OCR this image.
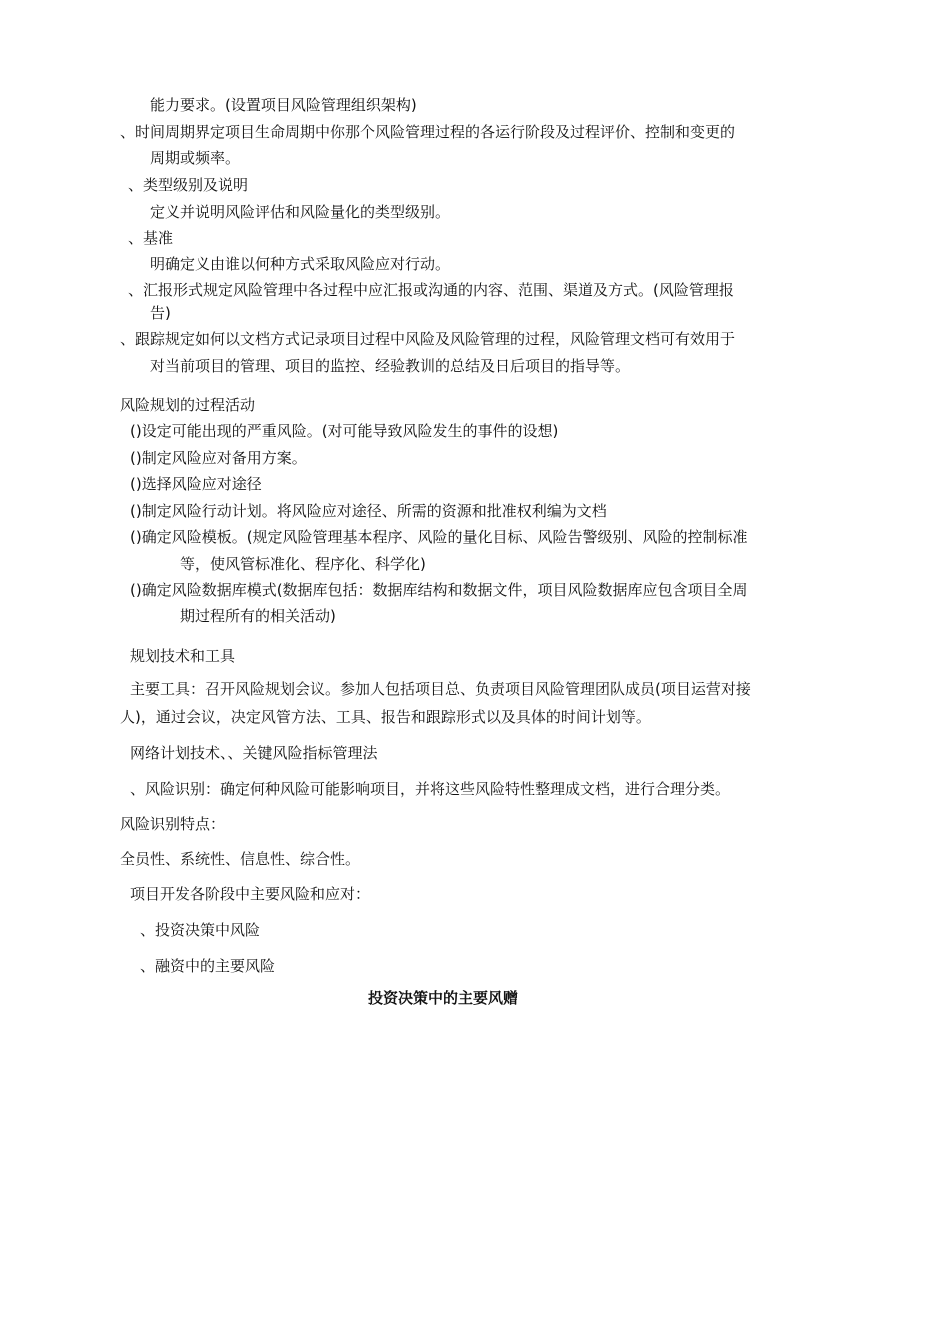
能力要求。(设置项目风险管理组织架构)
、时间周期界定项目生命周期中你那个风险管理过程的各运行阶段及过程评价、控制和变更的
周期或频率。
、类型级别及说明
定义并说明风险评估和风险量化的类型级别。
、基准
明确定义由谁以何种方式采取风险应对行动。
、汇报形式规定风险管理中各过程中应汇报或沟通的内容、范围、渠道及方式。(风险管理报
告)
、跟踪规定如何以文档方式记录项目过程中风险及风险管理的过程，风险管理文档可有效用于
对当前项目的管理、项目的监控、经验教训的总结及日后项目的指导等。
风险规划的过程活动
()设定可能出现的严重风险。(对可能导致风险发生的事件的设想)
()制定风险应对备用方案。
()选择风险应对途径
()制定风险行动计划。将风险应对途径、所需的资源和批准权利编为文档
()确定风险模板。(规定风险管理基本程序、风险的量化目标、风险告警级别、风险的控制标准
等，使风管标准化、程序化、科学化)
()确定风险数据库模式(数据库包括：数据库结构和数据文件，项目风险数据库应包含项目全周
期过程所有的相关活动)
规划技术和工具
主要工具：召开风险规划会议。参加人包括项目总、负责项目风险管理团队成员(项目运营对接
人)，通过会议，决定风管方法、工具、报告和跟踪形式以及具体的时间计划等。
网络计划技术、、关键风险指标管理法
、风险识别：确定何种风险可能影响项目，并将这些风险特性整理成文档，进行合理分类。
风险识别特点：
全员性、系统性、信息性、综合性。
项目开发各阶段中主要风险和应对：
、投资决策中风险
、融资中的主要风险
投资决策中的主要风赠
